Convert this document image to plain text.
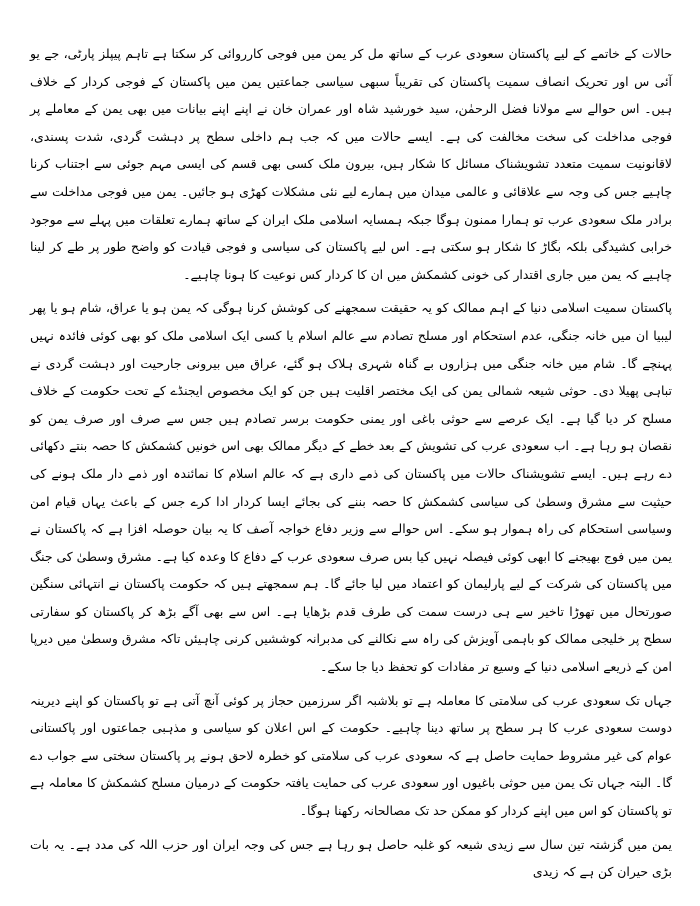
حالات کے خاتمے کے لیے پاکستان سعودی عرب کے ساتھ مل کر یمن میں فوجی کارروائی کر سکتا ہے تاہم پیپلز پارٹی، جے یو آئی س اور تحریک انصاف سمیت پاکستان کی تقریباً سبھی سیاسی جماعتیں یمن میں پاکستان کے فوجی کردار کے خلاف ہیں۔ اس حوالے سے مولانا فضل الرحمٰن، سید خورشید شاہ اور عمران خان نے اپنے اپنے بیانات میں بھی یمن کے معاملے پر فوجی مداخلت کی سخت مخالفت کی ہے۔ ایسے حالات میں کہ جب ہم داخلی سطح پر دہشت گردی، شدت پسندی، لاقانونیت سمیت متعدد تشویشناک مسائل کا شکار ہیں، بیرون ملک کسی بھی قسم کی ایسی مہم جوئی سے اجتناب کرنا چاہیے جس کی وجہ سے علاقائی و عالمی میدان میں ہمارے لیے نئی مشکلات کھڑی ہو جائیں۔ یمن میں فوجی مداخلت سے برادر ملک سعودی عرب تو ہمارا ممنون ہوگا جبکہ ہمسایہ اسلامی ملک ایران کے ساتھ ہمارے تعلقات میں پہلے سے موجود خرابی کشیدگی بلکہ بگاڑ کا شکار ہو سکتی ہے۔ اس لیے پاکستان کی سیاسی و فوجی قیادت کو واضح طور پر طے کر لینا چاہیے کہ یمن میں جاری اقتدار کی خونی کشمکش میں ان کا کردار کس نوعیت کا ہونا چاہیے۔

پاکستان سمیت اسلامی دنیا کے اہم ممالک کو یہ حقیقت سمجھنے کی کوشش کرنا ہوگی کہ یمن ہو یا عراق، شام ہو یا پھر لیبیا ان میں خانہ جنگی، عدم استحکام اور مسلح تصادم سے عالم اسلام یا کسی ایک اسلامی ملک کو بھی کوئی فائدہ نہیں پہنچے گا۔ شام میں خانہ جنگی میں ہزاروں بے گناہ شہری ہلاک ہو گئے، عراق میں بیرونی جارحیت اور دہشت گردی نے تباہی پھیلا دی۔ حوثی شیعہ شمالی یمن کی ایک مختصر اقلیت ہیں جن کو ایک مخصوص ایجنڈے کے تحت حکومت کے خلاف مسلح کر دیا گیا ہے۔ ایک عرصے سے حوثی باغی اور یمنی حکومت برسر تصادم ہیں جس سے صرف اور صرف یمن کو نقصان ہو رہا ہے۔ اب سعودی عرب کی تشویش کے بعد خطے کے دیگر ممالک بھی اس خونیں کشمکش کا حصہ بنتے دکھائی دے رہے ہیں۔ ایسے تشویشناک حالات میں پاکستان کی ذمے داری ہے کہ عالم اسلام کا نمائندہ اور ذمے دار ملک ہونے کی حیثیت سے مشرق وسطیٰ کی سیاسی کشمکش کا حصہ بننے کی بجائے ایسا کردار ادا کرے جس کے باعث یہاں قیام امن وسیاسی استحکام کی راہ ہموار ہو سکے۔ اس حوالے سے وزیر دفاع خواجہ آصف کا یہ بیان حوصلہ افزا ہے کہ پاکستان نے یمن میں فوج بھیجنے کا ابھی کوئی فیصلہ نہیں کیا بس صرف سعودی عرب کے دفاع کا وعدہ کیا ہے۔ مشرق وسطیٰ کی جنگ میں پاکستان کی شرکت کے لیے پارلیمان کو اعتماد میں لیا جائے گا۔ ہم سمجھتے ہیں کہ حکومت پاکستان نے انتہائی سنگین صورتحال میں تھوڑا تاخیر سے ہی درست سمت کی طرف قدم بڑھایا ہے۔ اس سے بھی آگے بڑھ کر پاکستان کو سفارتی سطح پر خلیجی ممالک کو باہمی آویزش کی راہ سے نکالنے کی مدبرانہ کوششیں کرنی چاہیئں تاکہ مشرق وسطیٰ میں دیرپا امن کے ذریعے اسلامی دنیا کے وسیع تر مفادات کو تحفظ دیا جا سکے۔

جہاں تک سعودی عرب کی سلامتی کا معاملہ ہے تو بلاشبہ اگر سرزمین حجاز پر کوئی آنچ آتی ہے تو پاکستان کو اپنے دیرینہ دوست سعودی عرب کا ہر سطح پر ساتھ دینا چاہیے۔ حکومت کے اس اعلان کو سیاسی و مذہبی جماعتوں اور پاکستانی عوام کی غیر مشروط حمایت حاصل ہے کہ سعودی عرب کی سلامتی کو خطرہ لاحق ہونے پر پاکستان سختی سے جواب دے گا۔ البتہ جہاں تک یمن میں حوثی باغیوں اور سعودی عرب کی حمایت یافتہ حکومت کے درمیان مسلح کشمکش کا معاملہ ہے تو پاکستان کو اس میں اپنے کردار کو ممکن حد تک مصالحانہ رکھنا ہوگا۔

یمن میں گزشتہ تین سال سے زیدی شیعہ کو غلبہ حاصل ہو رہا ہے جس کی وجہ ایران اور حزب اللہ کی مدد ہے۔ یہ بات بڑی حیران کن ہے کہ زیدی
